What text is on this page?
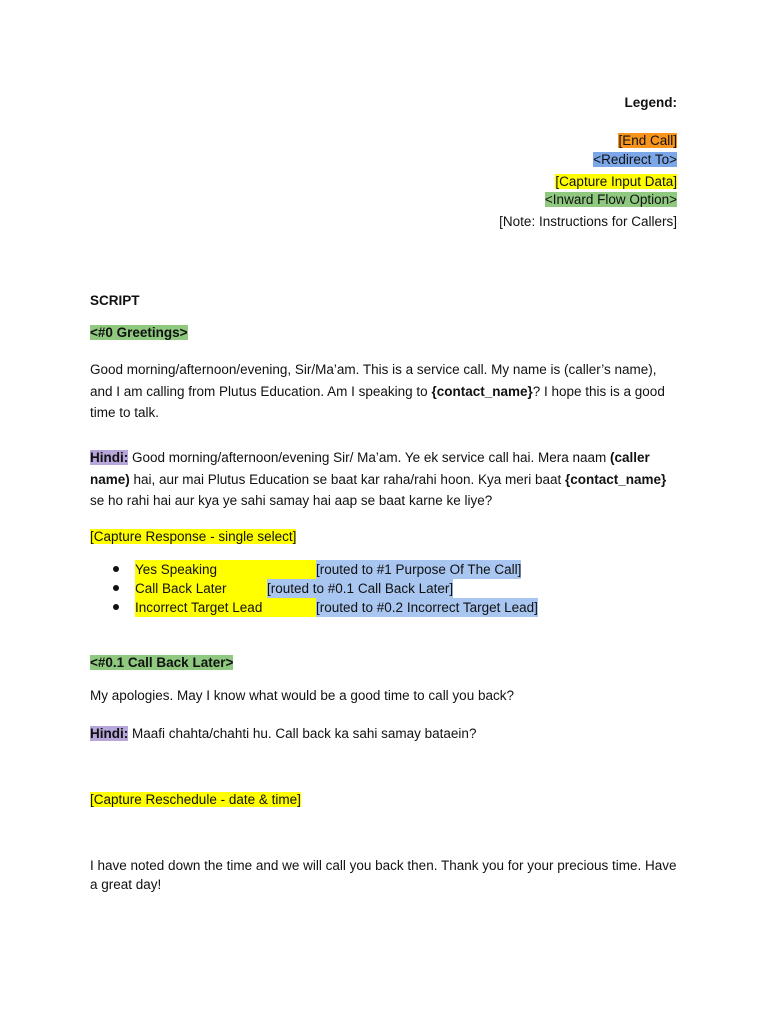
Legend:
[End Call]
<Redirect To>
[Capture Input Data]
<Inward Flow Option>
[Note: Instructions for Callers]
SCRIPT
<#0 Greetings>
Good morning/afternoon/evening, Sir/Ma’am. This is a service call. My name is (caller’s name), and I am calling from Plutus Education. Am I speaking to {contact_name}? I hope this is a good time to talk.
Hindi: Good morning/afternoon/evening Sir/ Ma’am. Ye ek service call hai. Mera naam (caller name) hai, aur mai Plutus Education se baat kar raha/rahi hoon. Kya meri baat {contact_name} se ho rahi hai aur kya ye sahi samay hai aap se baat karne ke liye?
[Capture Response - single select]
Yes Speaking	[routed to #1 Purpose Of The Call]
Call Back Later	[routed to #0.1 Call Back Later]
Incorrect Target Lead	[routed to #0.2 Incorrect Target Lead]
<#0.1 Call Back Later>
My apologies. May I know what would be a good time to call you back?
Hindi: Maafi chahta/chahti hu. Call back ka sahi samay bataein?
[Capture Reschedule - date & time]
I have noted down the time and we will call you back then. Thank you for your precious time. Have a great day!
